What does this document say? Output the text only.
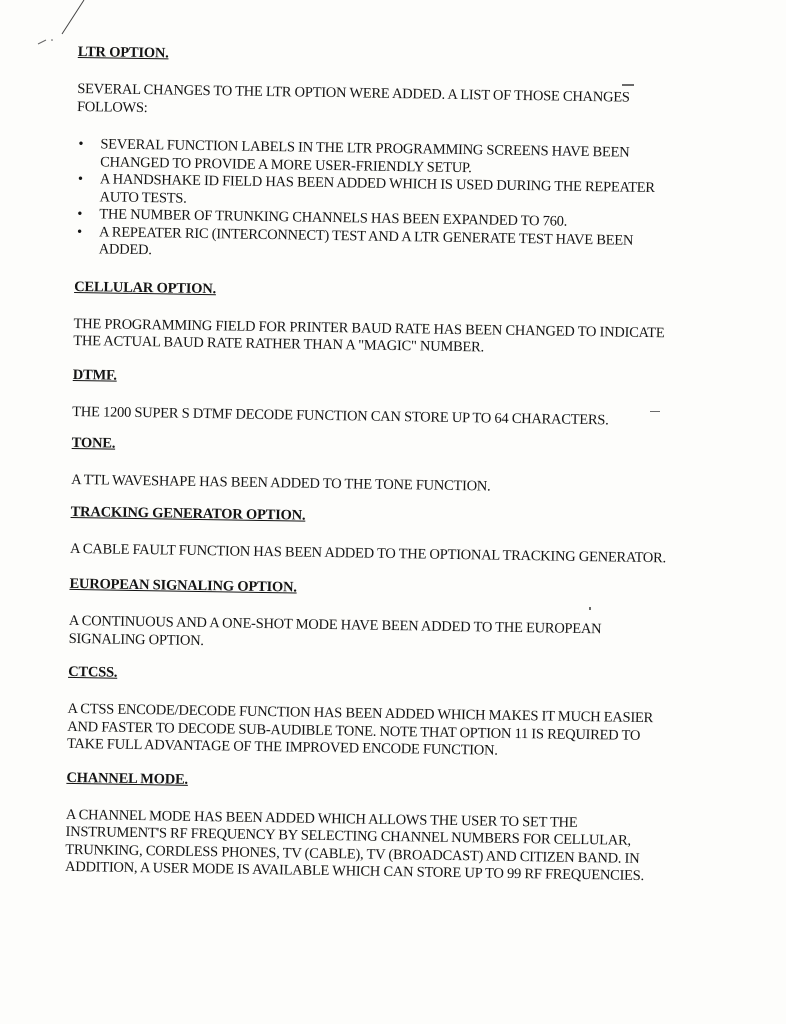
LTR OPTION.

SEVERAL CHANGES TO THE LTR OPTION WERE ADDED. A LIST OF THOSE CHANGES FOLLOWS:

•	SEVERAL FUNCTION LABELS IN THE LTR PROGRAMMING SCREENS HAVE BEEN CHANGED TO PROVIDE A MORE USER-FRIENDLY SETUP.
•	A HANDSHAKE ID FIELD HAS BEEN ADDED WHICH IS USED DURING THE REPEATER AUTO TESTS.
•	THE NUMBER OF TRUNKING CHANNELS HAS BEEN EXPANDED TO 760.
•	A REPEATER RIC (INTERCONNECT) TEST AND A LTR GENERATE TEST HAVE BEEN ADDED.
CELLULAR OPTION.

THE PROGRAMMING FIELD FOR PRINTER BAUD RATE HAS BEEN CHANGED TO INDICATE THE ACTUAL BAUD RATE RATHER THAN A "MAGIC" NUMBER.

DTMF.

THE 1200 SUPER S DTMF DECODE FUNCTION CAN STORE UP TO 64 CHARACTERS.

TONE.

A TTL WAVESHAPE HAS BEEN ADDED TO THE TONE FUNCTION.

TRACKING GENERATOR OPTION.

A CABLE FAULT FUNCTION HAS BEEN ADDED TO THE OPTIONAL TRACKING GENERATOR.

EUROPEAN SIGNALING OPTION.

A CONTINUOUS AND A ONE-SHOT MODE HAVE BEEN ADDED TO THE EUROPEAN SIGNALING OPTION.

CTCSS.

A CTSS ENCODE/DECODE FUNCTION HAS BEEN ADDED WHICH MAKES IT MUCH EASIER AND FASTER TO DECODE SUB-AUDIBLE TONE. NOTE THAT OPTION 11 IS REQUIRED TO TAKE FULL ADVANTAGE OF THE IMPROVED ENCODE FUNCTION.

CHANNEL MODE.

A CHANNEL MODE HAS BEEN ADDED WHICH ALLOWS THE USER TO SET THE INSTRUMENT'S RF FREQUENCY BY SELECTING CHANNEL NUMBERS FOR CELLULAR, TRUNKING, CORDLESS PHONES, TV (CABLE), TV (BROADCAST) AND CITIZEN BAND. IN ADDITION, A USER MODE IS AVAILABLE WHICH CAN STORE UP TO 99 RF FREQUENCIES.
